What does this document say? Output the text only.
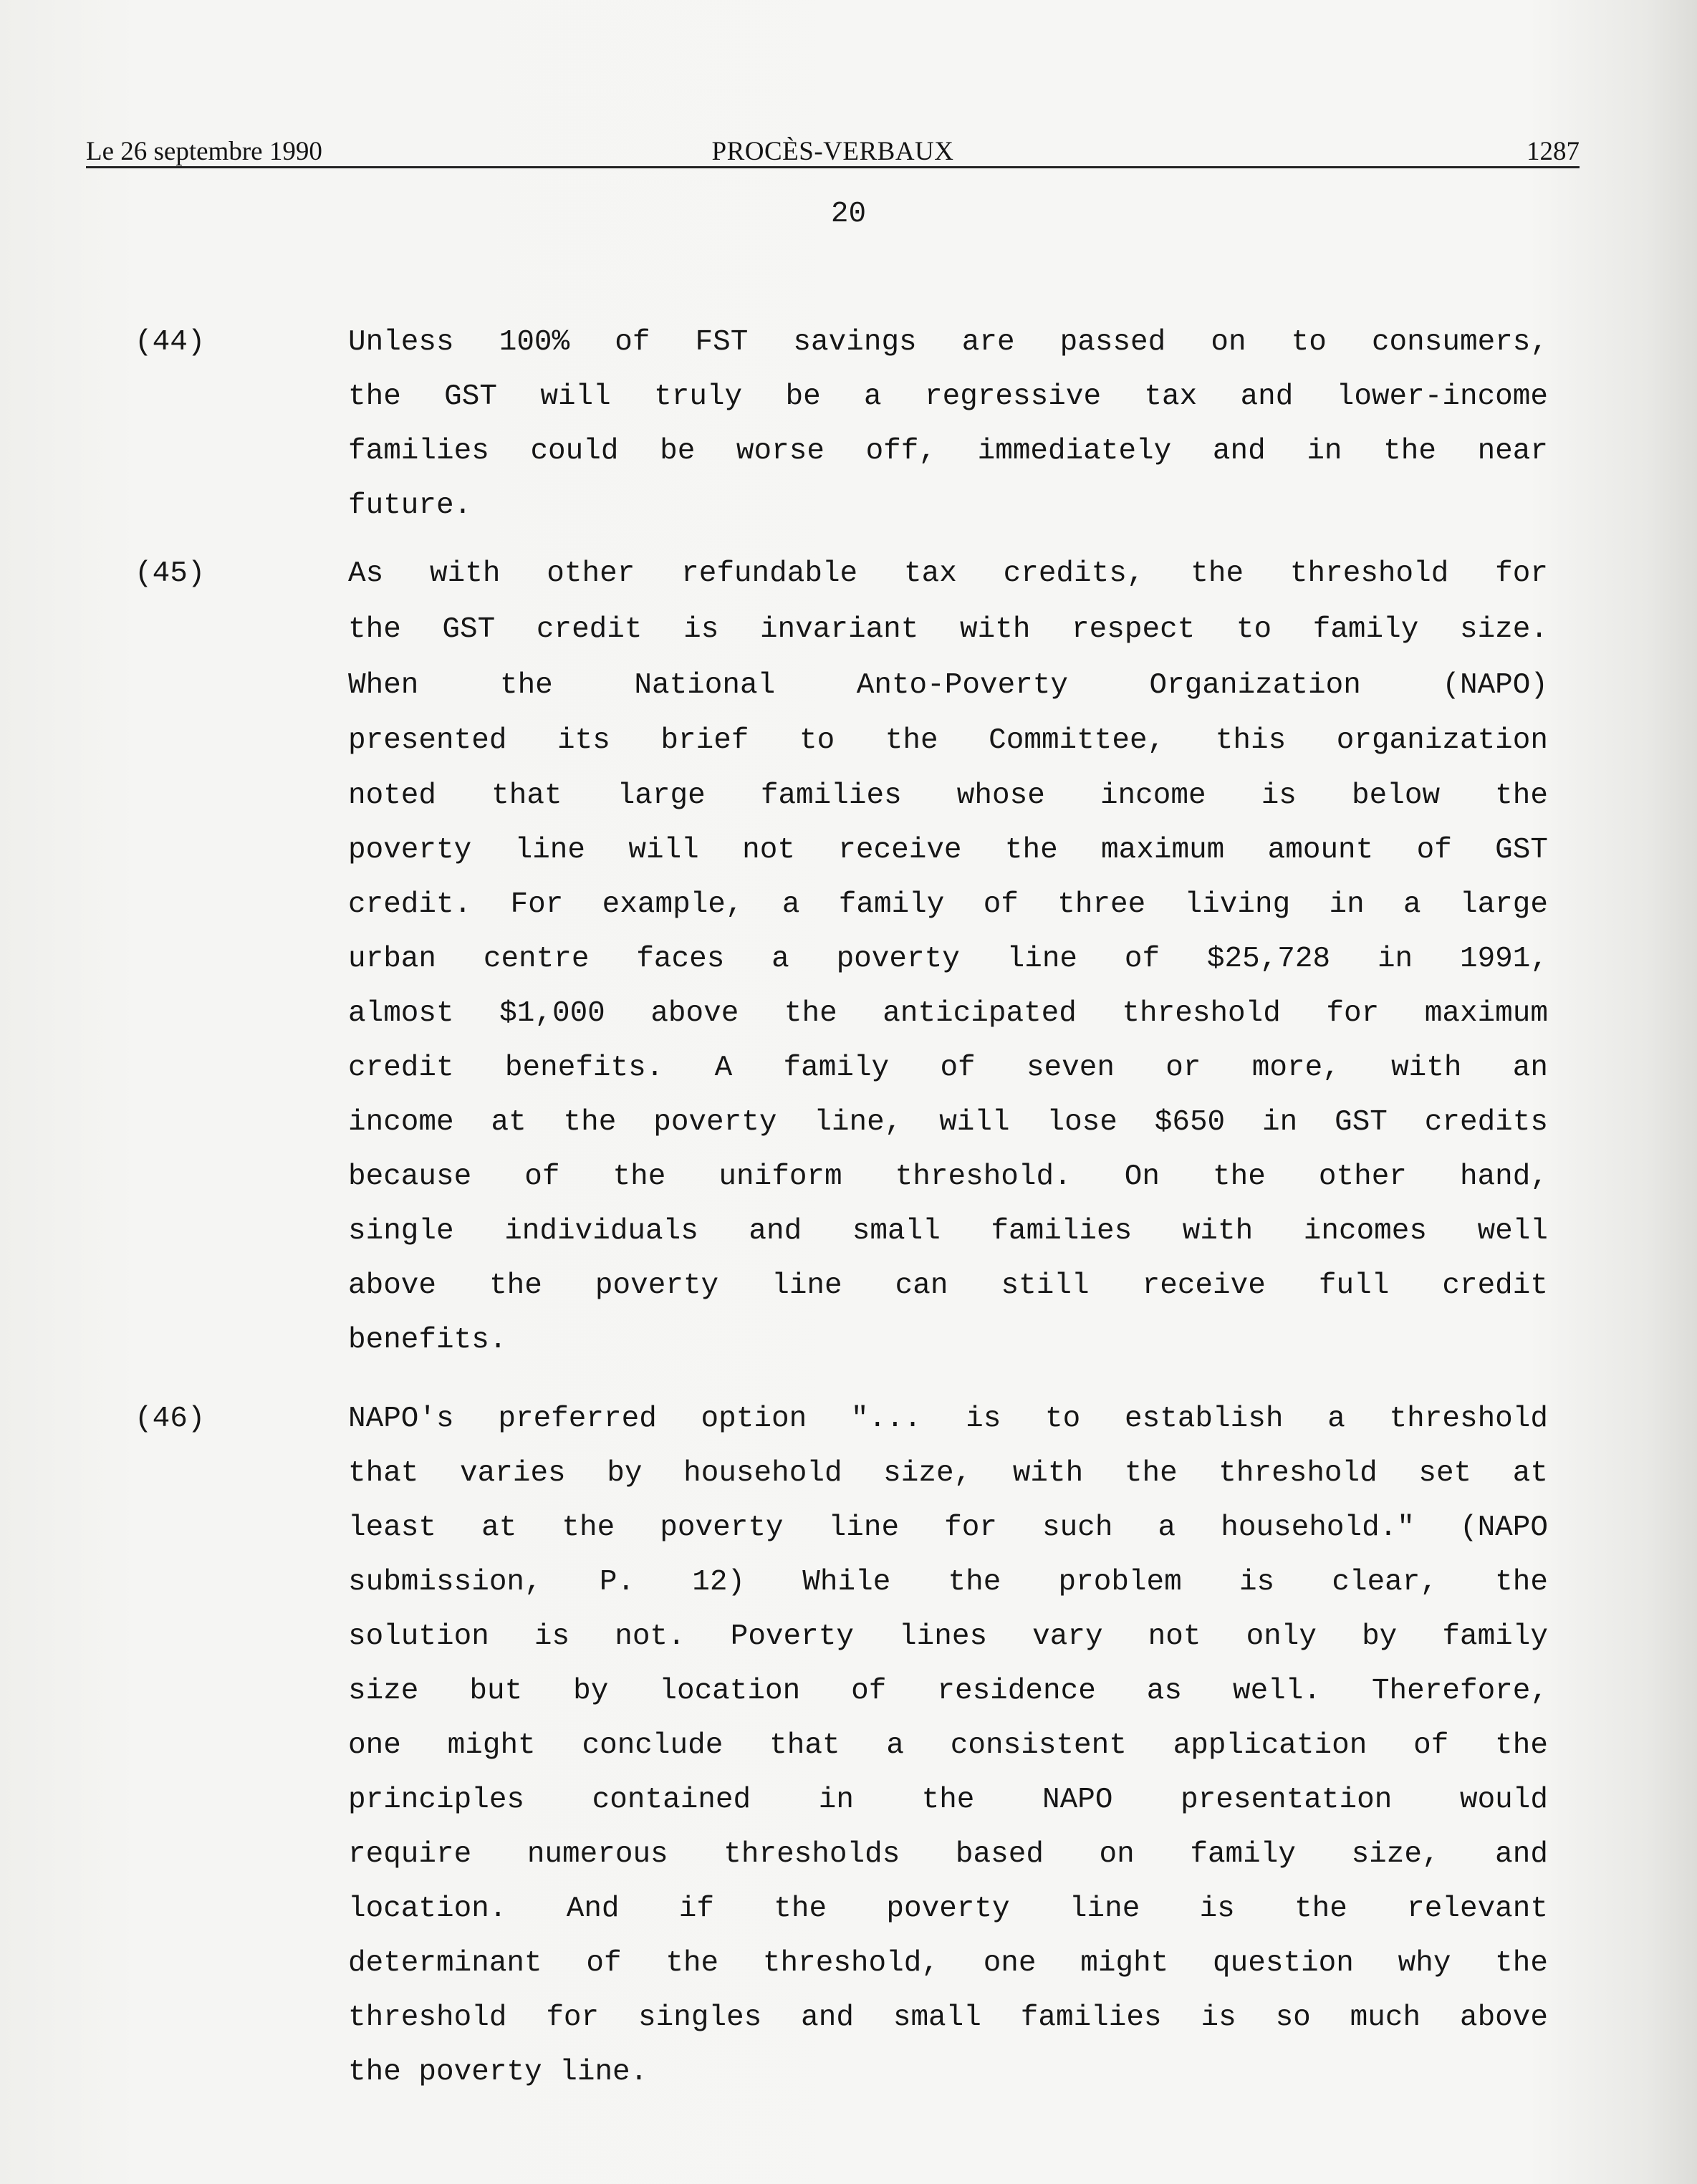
Le 26 septembre 1990	PROCÈS-VERBAUX	1287
20
(44)	Unless 100% of FST savings are passed on to consumers,
the GST will truly be a regressive tax and lower-income
families could be worse off, immediately and in the near
future.
(45)	As with other refundable tax credits, the threshold for
the GST credit is invariant with respect to family size.
When the National Anto-Poverty Organization (NAPO)
presented its brief to the Committee, this organization
noted that large families whose income is below the
poverty line will not receive the maximum amount of GST
credit. For example, a family of three living in a large
urban centre faces a poverty line of $25,728 in 1991,
almost $1,000 above the anticipated threshold for maximum
credit benefits. A family of seven or more, with an
income at the poverty line, will lose $650 in GST credits
because of the uniform threshold. On the other hand,
single individuals and small families with incomes well
above the poverty line can still receive full credit
benefits.
(46)	NAPO's preferred option "... is to establish a threshold
that varies by household size, with the threshold set at
least at the poverty line for such a household." (NAPO
submission, P. 12) While the problem is clear, the
solution is not. Poverty lines vary not only by family
size but by location of residence as well. Therefore,
one might conclude that a consistent application of the
principles contained in the NAPO presentation would
require numerous thresholds based on family size, and
location. And if the poverty line is the relevant
determinant of the threshold, one might question why the
threshold for singles and small families is so much above
the poverty line.
